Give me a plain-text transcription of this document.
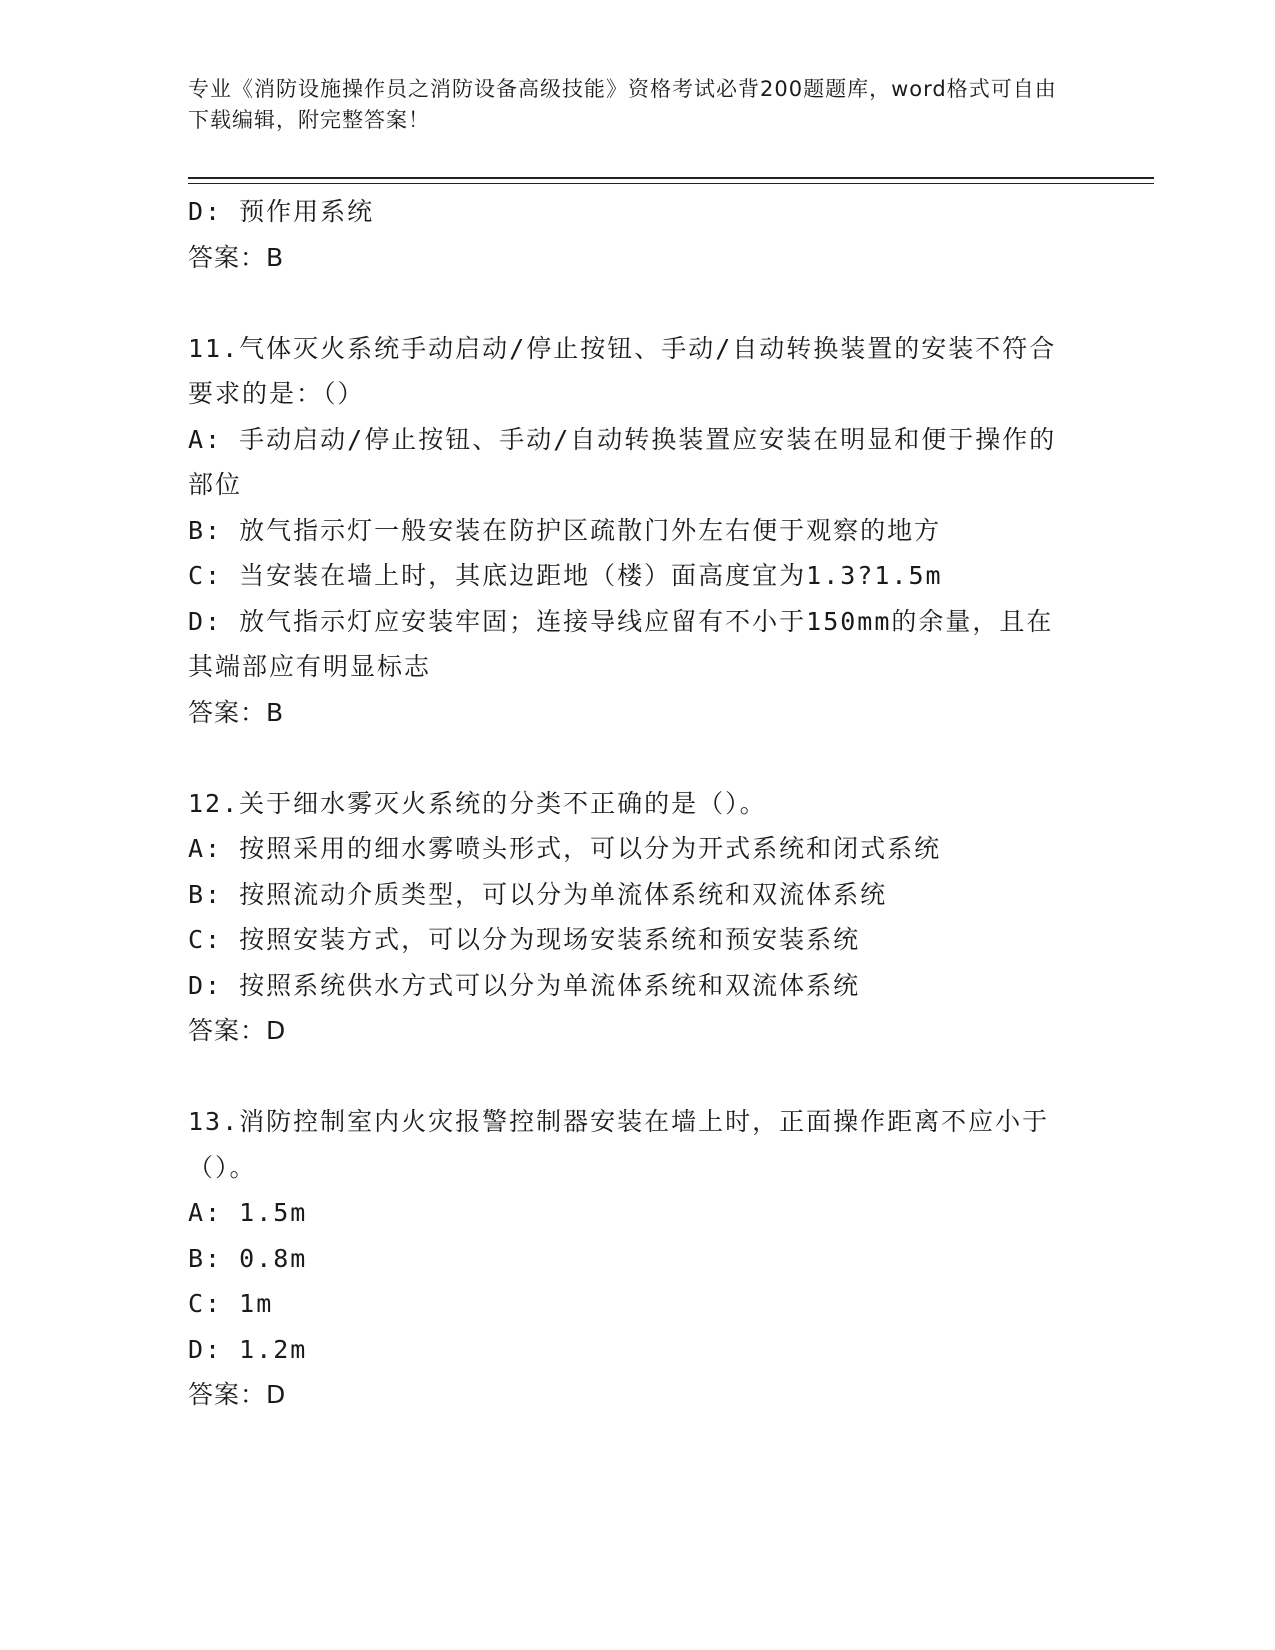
专业《消防设施操作员之消防设备高级技能》资格考试必背200题题库，word格式可自由下载编辑，附完整答案！
D: 预作用系统
答案：B
11.气体灭火系统手动启动/停止按钮、手动/自动转换装置的安装不符合要求的是：（）
A: 手动启动/停止按钮、手动/自动转换装置应安装在明显和便于操作的部位
B: 放气指示灯一般安装在防护区疏散门外左右便于观察的地方
C: 当安装在墙上时，其底边距地（楼）面高度宜为1.3?1.5m
D: 放气指示灯应安装牢固；连接导线应留有不小于150mm的余量，且在其端部应有明显标志
答案：B
12.关于细水雾灭火系统的分类不正确的是（）。
A: 按照采用的细水雾喷头形式，可以分为开式系统和闭式系统
B: 按照流动介质类型，可以分为单流体系统和双流体系统
C: 按照安装方式，可以分为现场安装系统和预安装系统
D: 按照系统供水方式可以分为单流体系统和双流体系统
答案：D
13.消防控制室内火灾报警控制器安装在墙上时，正面操作距离不应小于（）。
A: 1.5m
B: 0.8m
C: 1m
D: 1.2m
答案：D
